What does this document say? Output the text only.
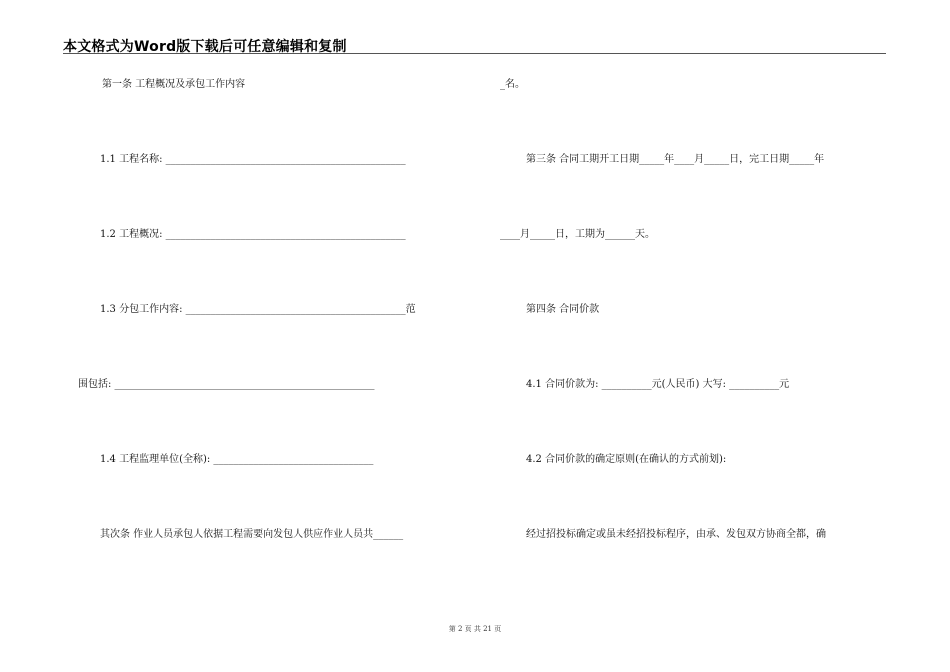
本文格式为Word版下载后可任意编辑和复制
第一条 工程概况及承包工作内容
1.1 工程名称: ________________________________________________
1.2 工程概况: ________________________________________________
1.3 分包工作内容: ____________________________________________范
围包括: ____________________________________________________
1.4 工程监理单位(全称): ________________________________
其次条 作业人员承包人依据工程需要向发包人供应作业人员共______
_名。
第三条 合同工期开工日期_____年____月_____日，完工日期_____年
____月_____日，工期为______天。
第四条 合同价款
4.1 合同价款为: __________元(人民币) 大写: __________元
4.2 合同价款的确定原则(在确认的方式前划):
经过招投标确定或虽未经招投标程序，由承、发包双方协商全都，确
第 2 页 共 21 页
